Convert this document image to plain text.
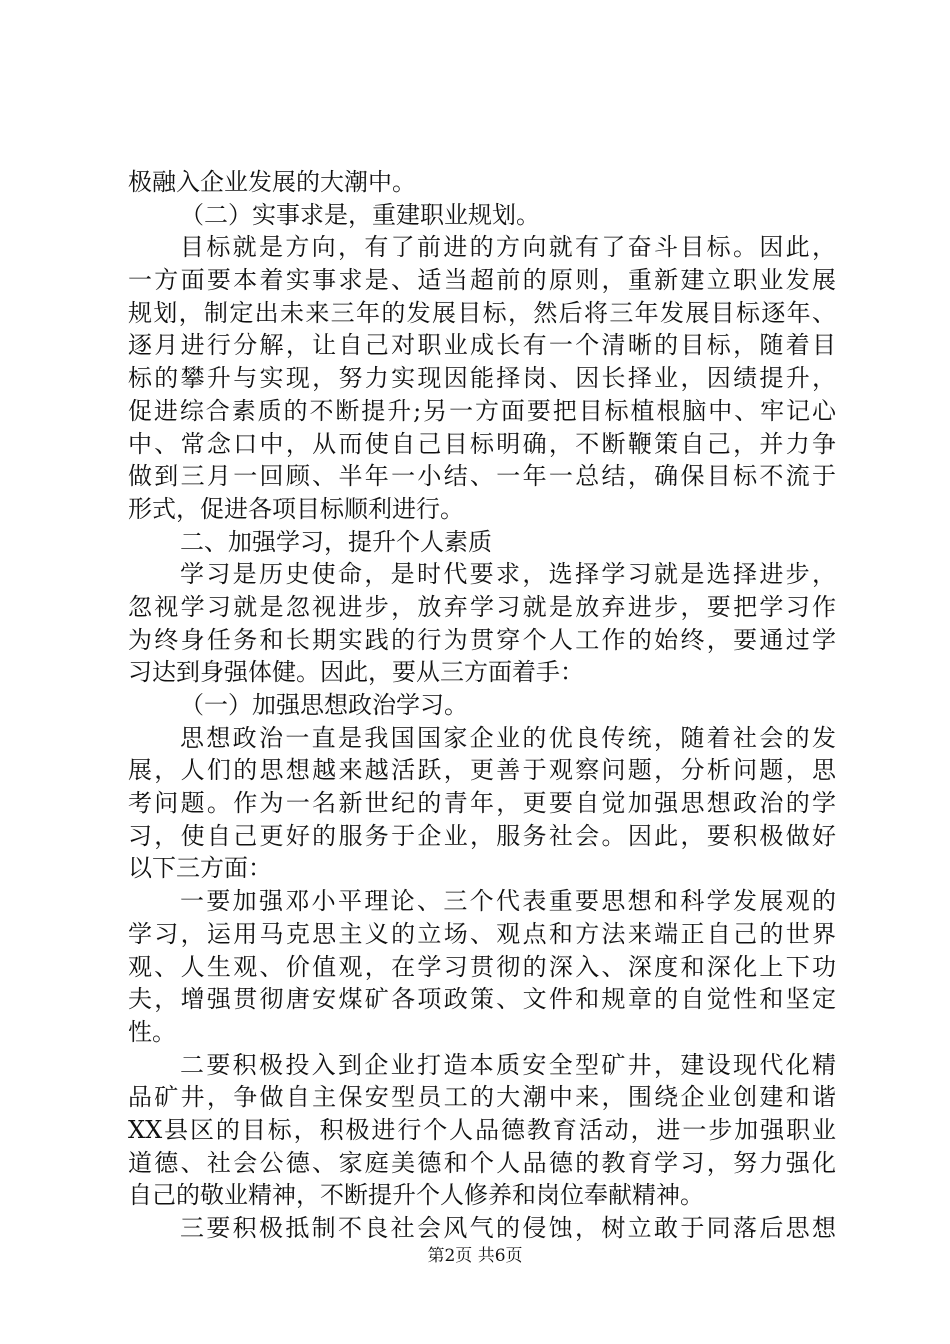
极融入企业发展的大潮中。
（二）实事求是，重建职业规划。
目标就是方向，有了前进的方向就有了奋斗目标。因此，
一方面要本着实事求是、适当超前的原则，重新建立职业发展
规划，制定出未来三年的发展目标，然后将三年发展目标逐年、
逐月进行分解，让自己对职业成长有一个清晰的目标，随着目
标的攀升与实现，努力实现因能择岗、因长择业，因绩提升，
促进综合素质的不断提升;另一方面要把目标植根脑中、牢记心
中、常念口中，从而使自己目标明确，不断鞭策自己，并力争
做到三月一回顾、半年一小结、一年一总结，确保目标不流于
形式，促进各项目标顺利进行。
二、加强学习，提升个人素质
学习是历史使命，是时代要求，选择学习就是选择进步，
忽视学习就是忽视进步，放弃学习就是放弃进步，要把学习作
为终身任务和长期实践的行为贯穿个人工作的始终，要通过学
习达到身强体健。因此，要从三方面着手：
（一）加强思想政治学习。
思想政治一直是我国国家企业的优良传统，随着社会的发
展，人们的思想越来越活跃，更善于观察问题，分析问题，思
考问题。作为一名新世纪的青年，更要自觉加强思想政治的学
习，使自己更好的服务于企业，服务社会。因此，要积极做好
以下三方面：
一要加强邓小平理论、三个代表重要思想和科学发展观的
学习，运用马克思主义的立场、观点和方法来端正自己的世界
观、人生观、价值观，在学习贯彻的深入、深度和深化上下功
夫，增强贯彻唐安煤矿各项政策、文件和规章的自觉性和坚定
性。
二要积极投入到企业打造本质安全型矿井，建设现代化精
品矿井，争做自主保安型员工的大潮中来，围绕企业创建和谐
XX县区的目标，积极进行个人品德教育活动，进一步加强职业
道德、社会公德、家庭美德和个人品德的教育学习，努力强化
自己的敬业精神，不断提升个人修养和岗位奉献精神。
三要积极抵制不良社会风气的侵蚀，树立敢于同落后思想
第2页 共6页
